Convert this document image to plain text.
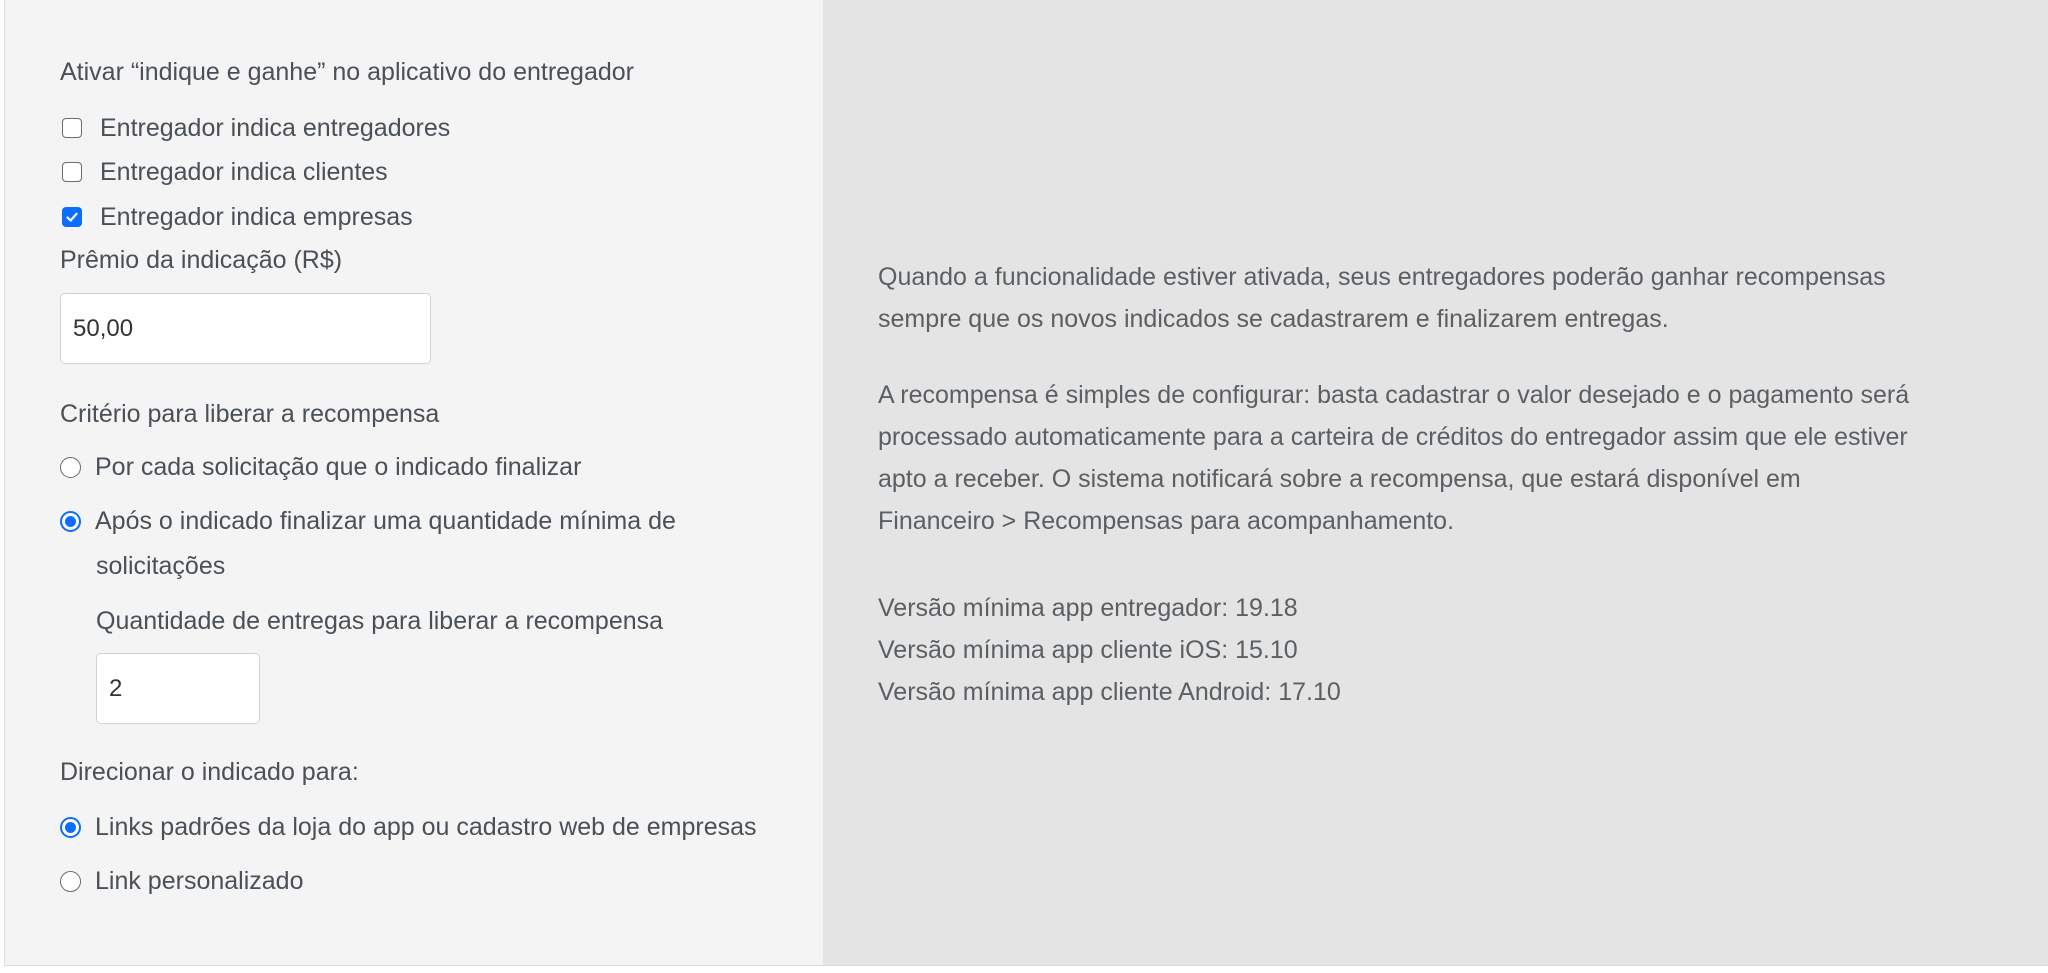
Ativar “indique e ganhe” no aplicativo do entregador
Entregador indica entregadores
Entregador indica clientes
Entregador indica empresas
Prêmio da indicação (R$)
50,00
Critério para liberar a recompensa
Por cada solicitação que o indicado finalizar
Após o indicado finalizar uma quantidade mínima de
solicitações
Quantidade de entregas para liberar a recompensa
2
Direcionar o indicado para:
Links padrões da loja do app ou cadastro web de empresas
Link personalizado
Quando a funcionalidade estiver ativada, seus entregadores poderão ganhar recompensas
sempre que os novos indicados se cadastrarem e finalizarem entregas.
A recompensa é simples de configurar: basta cadastrar o valor desejado e o pagamento será
processado automaticamente para a carteira de créditos do entregador assim que ele estiver
apto a receber. O sistema notificará sobre a recompensa, que estará disponível em
Financeiro > Recompensas para acompanhamento.
Versão mínima app entregador: 19.18
Versão mínima app cliente iOS: 15.10
Versão mínima app cliente Android: 17.10
